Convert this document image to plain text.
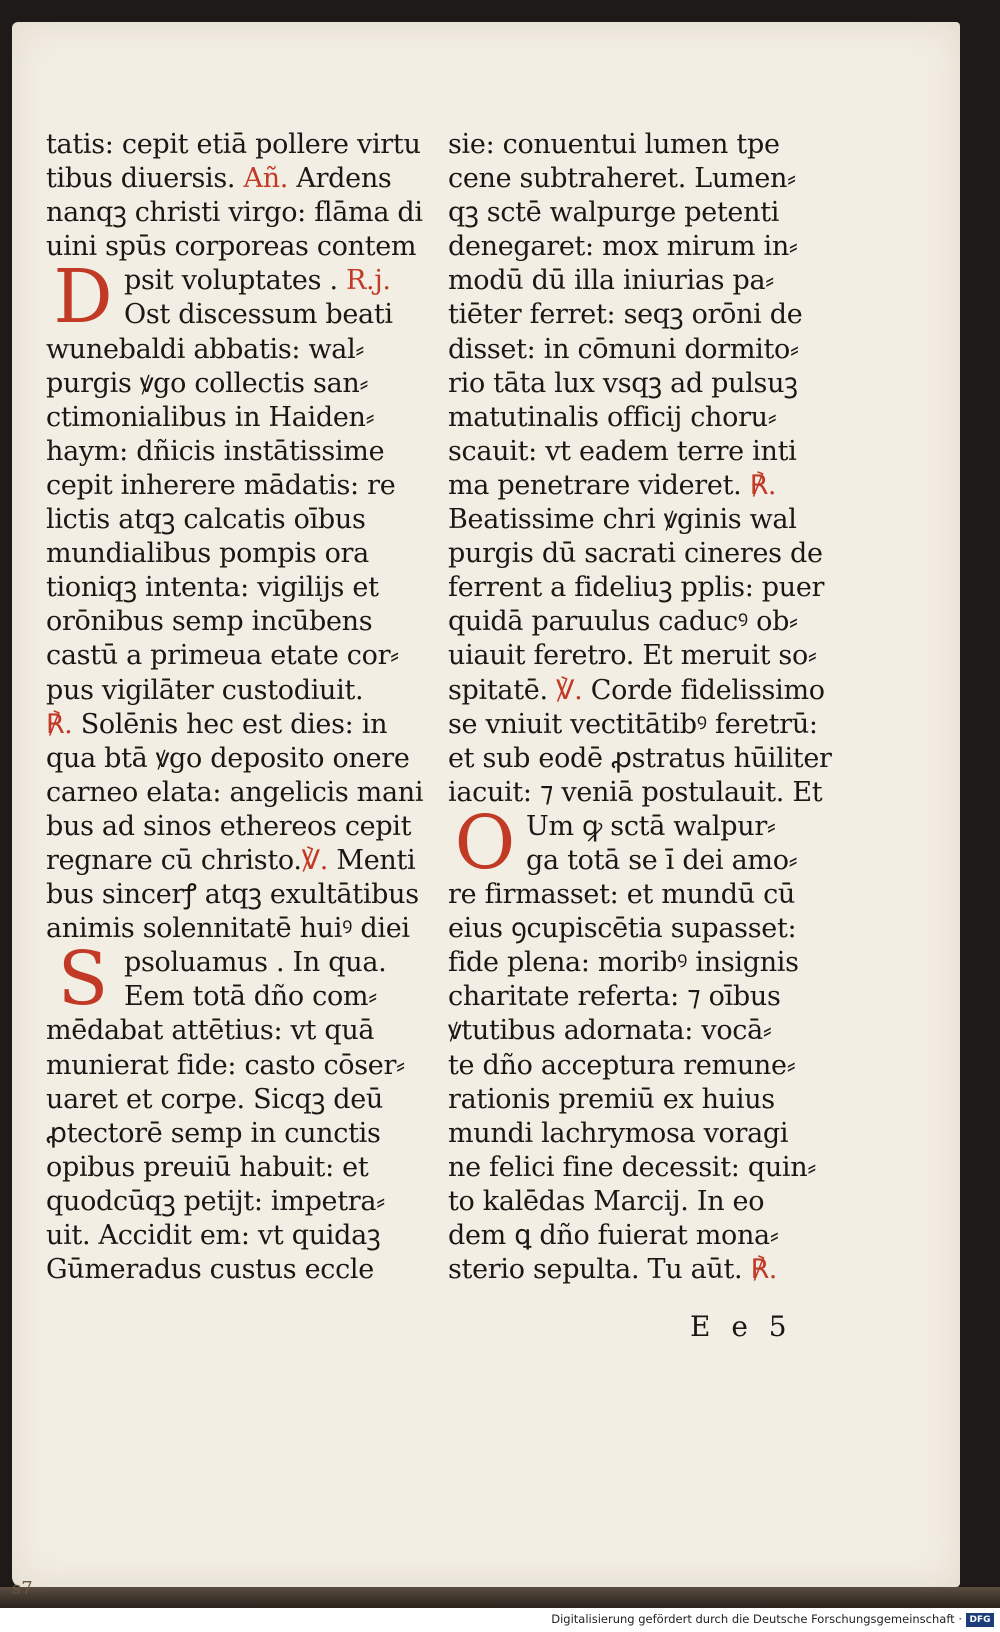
tatis: cepit etiā pollere virtu
tibus diuersis. Añ. Ardens
nanqꝫ christi virgo: flāma di
uini spūs corporeas contem
D psit voluptates . R.j.
Ost discessum beati
wunebaldi abbatis: wal⸗
purgis ꝟgo collectis san⸗
ctimonialibus in Haiden⸗
haym: dñicis instātissime
cepit inherere mādatis: re
lictis atqꝫ calcatis oībus
mundialibus pompis ora
tioniqꝫ intenta: vigilijs et
orōnibus semp incūbens
castū a primeua etate cor⸗
pus vigilāter custodiuit.
℟. Solēnis hec est dies: in
qua btā ꝟgo deposito onere
carneo elata: angelicis mani
bus ad sinos ethereos cepit
regnare cū christo.℣. Menti
bus sincerꝭ atqꝫ exultātibus
animis solennitatē huiꝰ diei
S psoluamus . In qua.
Eem totā dño com⸗
mēdabat attētius: vt quā
munierat fide: casto cōser⸗
uaret et corpe. Sicqꝫ deū
ꝓtectorē semp in cunctis
opibus preuiū habuit: et
quodcūqꝫ petijt: impetra⸗
uit. Accidit em: vt quidaꝫ
Gūmeradus custus eccle
sie: conuentui lumen tpe
cene subtraheret. Lumen⸗
qꝫ sctē walpurge petenti
denegaret: mox mirum in⸗
modū dū illa iniurias pa⸗
tiēter ferret: seqꝫ orōni de
disset: in cōmuni dormito⸗
rio tāta lux vsqꝫ ad pulsuꝫ
matutinalis officij choru⸗
scauit: vt eadem terre inti
ma penetrare videret. ℟.
Beatissime chri ꝟginis wal
purgis dū sacrati cineres de
ferrent a fideliuꝫ pplis: puer
quidā paruulus caducꝰ ob⸗
uiauit feretro. Et meruit so⸗
spitatē. ℣. Corde fidelissimo
se vniuit vectitātibꝰ feretrū:
et sub eodē ꝓstratus hūiliter
iacuit: ⁊ veniā postulauit. Et
O Um ꝙ sctā walpur⸗
ga totā se ī dei amo⸗
re firmasset: et mundū cū
eius ꝯcupiscētia supasset:
fide plena: moribꝰ insignis
charitate referta: ⁊ oībus
ꝟtutibus adornata: vocā⸗
te dño acceptura remune⸗
rationis premiū ex huius
mundi lachrymosa voragi
ne felici fine decessit: quin⸗
to kalēdas Marcij. In eo
dem ꝗ dño fuierat mona⸗
sterio sepulta. Tu aūt. ℟.
E e 5
s7
Digitalisierung gefördert durch die Deutsche Forschungsgemeinschaft · DFG
